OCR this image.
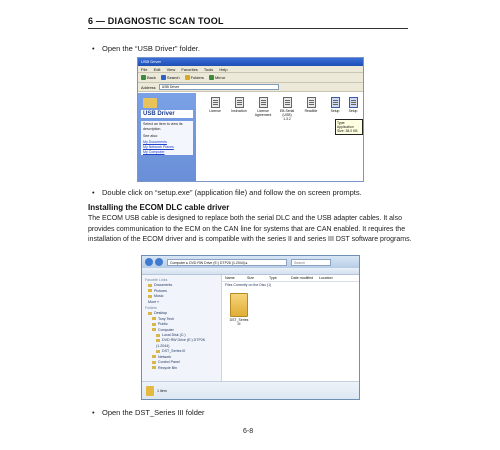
6 — DIAGNOSTIC SCAN TOOL
• Open the “USB Driver” folder.
USB Driver
File Edit View Favorites Tools Help
Back	Search	Folders	Mirror
Address	USB Driver
USB Driver
Select an item to view its description.
See also:
My Documents
My Network Places
My Computer
License	Instruction	License
Agreement
EB-Serial (USB)
1.3.2
ReadMe	Setup	Setup
Type: Application
Size: 38.0 KB
• Double click on “setup.exe” (application file) and follow the on screen prompts.
Installing the ECOM DLC cable driver
The ECOM USB cable is designed to replace both the serial DLC and the USB adapter cables. It also provides communication to the ECM on the CAN line for systems that are CAN enabled. It requires the installation of the ECOM driver and is compatible with the series II and series III DST software programs.
Computer ▸ DVD RW Drive (E:) DTP26 (1.2044) ▸	Search
Favorite Links
Documents
Pictures
Music
More »
Folders
Desktop
Tony Tech
Public
Computer
Local Disk (C:)
DVD RW Drive (E:) DTP26 (1.2044)
DST_Series III
Network
Control Panel
Recycle Bin
Name	Size	Type	Date modified	Location
Files Currently on the Disc (1)
DST_Series III
1 item
• Open the DST_Series III folder
6-8
